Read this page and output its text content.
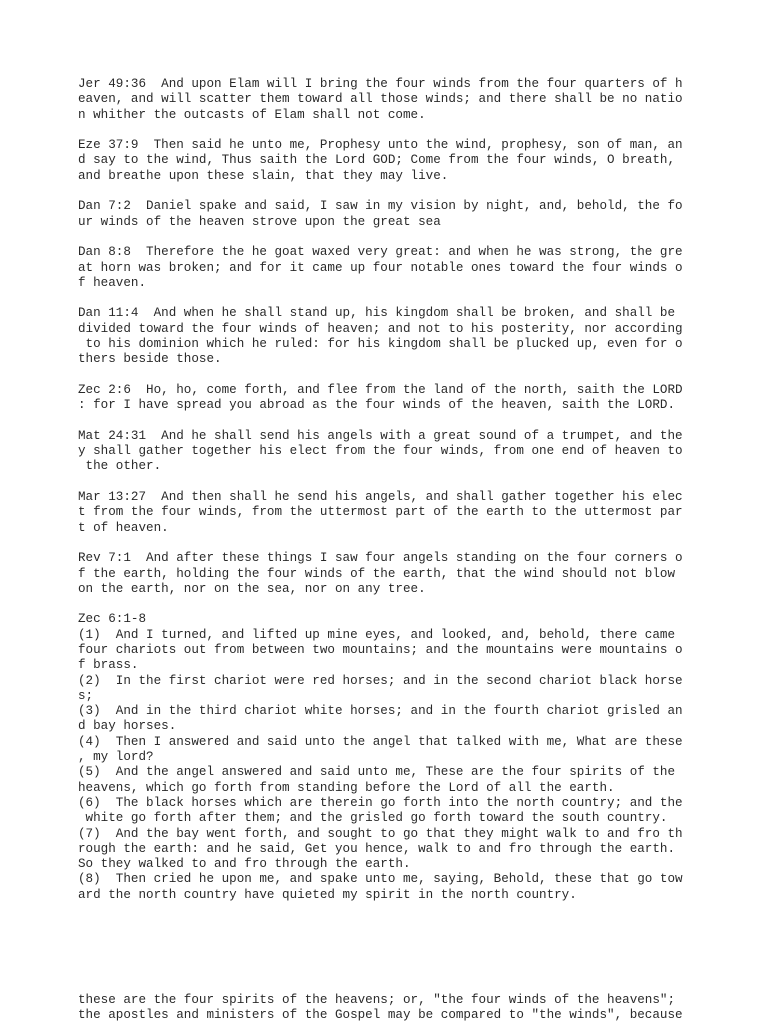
Jer 49:36  And upon Elam will I bring the four winds from the four quarters of h
eaven, and will scatter them toward all those winds; and there shall be no natio
n whither the outcasts of Elam shall not come.
Eze 37:9  Then said he unto me, Prophesy unto the wind, prophesy, son of man, an
d say to the wind, Thus saith the Lord GOD; Come from the four winds, O breath,
and breathe upon these slain, that they may live.
Dan 7:2  Daniel spake and said, I saw in my vision by night, and, behold, the fo
ur winds of the heaven strove upon the great sea
Dan 8:8  Therefore the he goat waxed very great: and when he was strong, the gre
at horn was broken; and for it came up four notable ones toward the four winds o
f heaven.
Dan 11:4  And when he shall stand up, his kingdom shall be broken, and shall be
divided toward the four winds of heaven; and not to his posterity, nor according
to his dominion which he ruled: for his kingdom shall be plucked up, even for o
thers beside those.
Zec 2:6  Ho, ho, come forth, and flee from the land of the north, saith the LORD
: for I have spread you abroad as the four winds of the heaven, saith the LORD.
Mat 24:31  And he shall send his angels with a great sound of a trumpet, and the
y shall gather together his elect from the four winds, from one end of heaven to
the other.
Mar 13:27  And then shall he send his angels, and shall gather together his elec
t from the four winds, from the uttermost part of the earth to the uttermost par
t of heaven.
Rev 7:1  And after these things I saw four angels standing on the four corners o
f the earth, holding the four winds of the earth, that the wind should not blow
on the earth, nor on the sea, nor on any tree.
Zec 6:1-8
(1)  And I turned, and lifted up mine eyes, and looked, and, behold, there came
four chariots out from between two mountains; and the mountains were mountains o
f brass.
(2)  In the first chariot were red horses; and in the second chariot black horse
s;
(3)  And in the third chariot white horses; and in the fourth chariot grisled an
d bay horses.
(4)  Then I answered and said unto the angel that talked with me, What are these
, my lord?
(5)  And the angel answered and said unto me, These are the four spirits of the
heavens, which go forth from standing before the Lord of all the earth.
(6)  The black horses which are therein go forth into the north country; and the
white go forth after them; and the grisled go forth toward the south country.
(7)  And the bay went forth, and sought to go that they might walk to and fro th
rough the earth: and he said, Get you hence, walk to and fro through the earth.
So they walked to and fro through the earth.
(8)  Then cried he upon me, and spake unto me, saying, Behold, these that go tow
ard the north country have quieted my spirit in the north country.
these are the four spirits of the heavens; or, "the four winds of the heavens";
the apostles and ministers of the Gospel may be compared to "the winds", because
